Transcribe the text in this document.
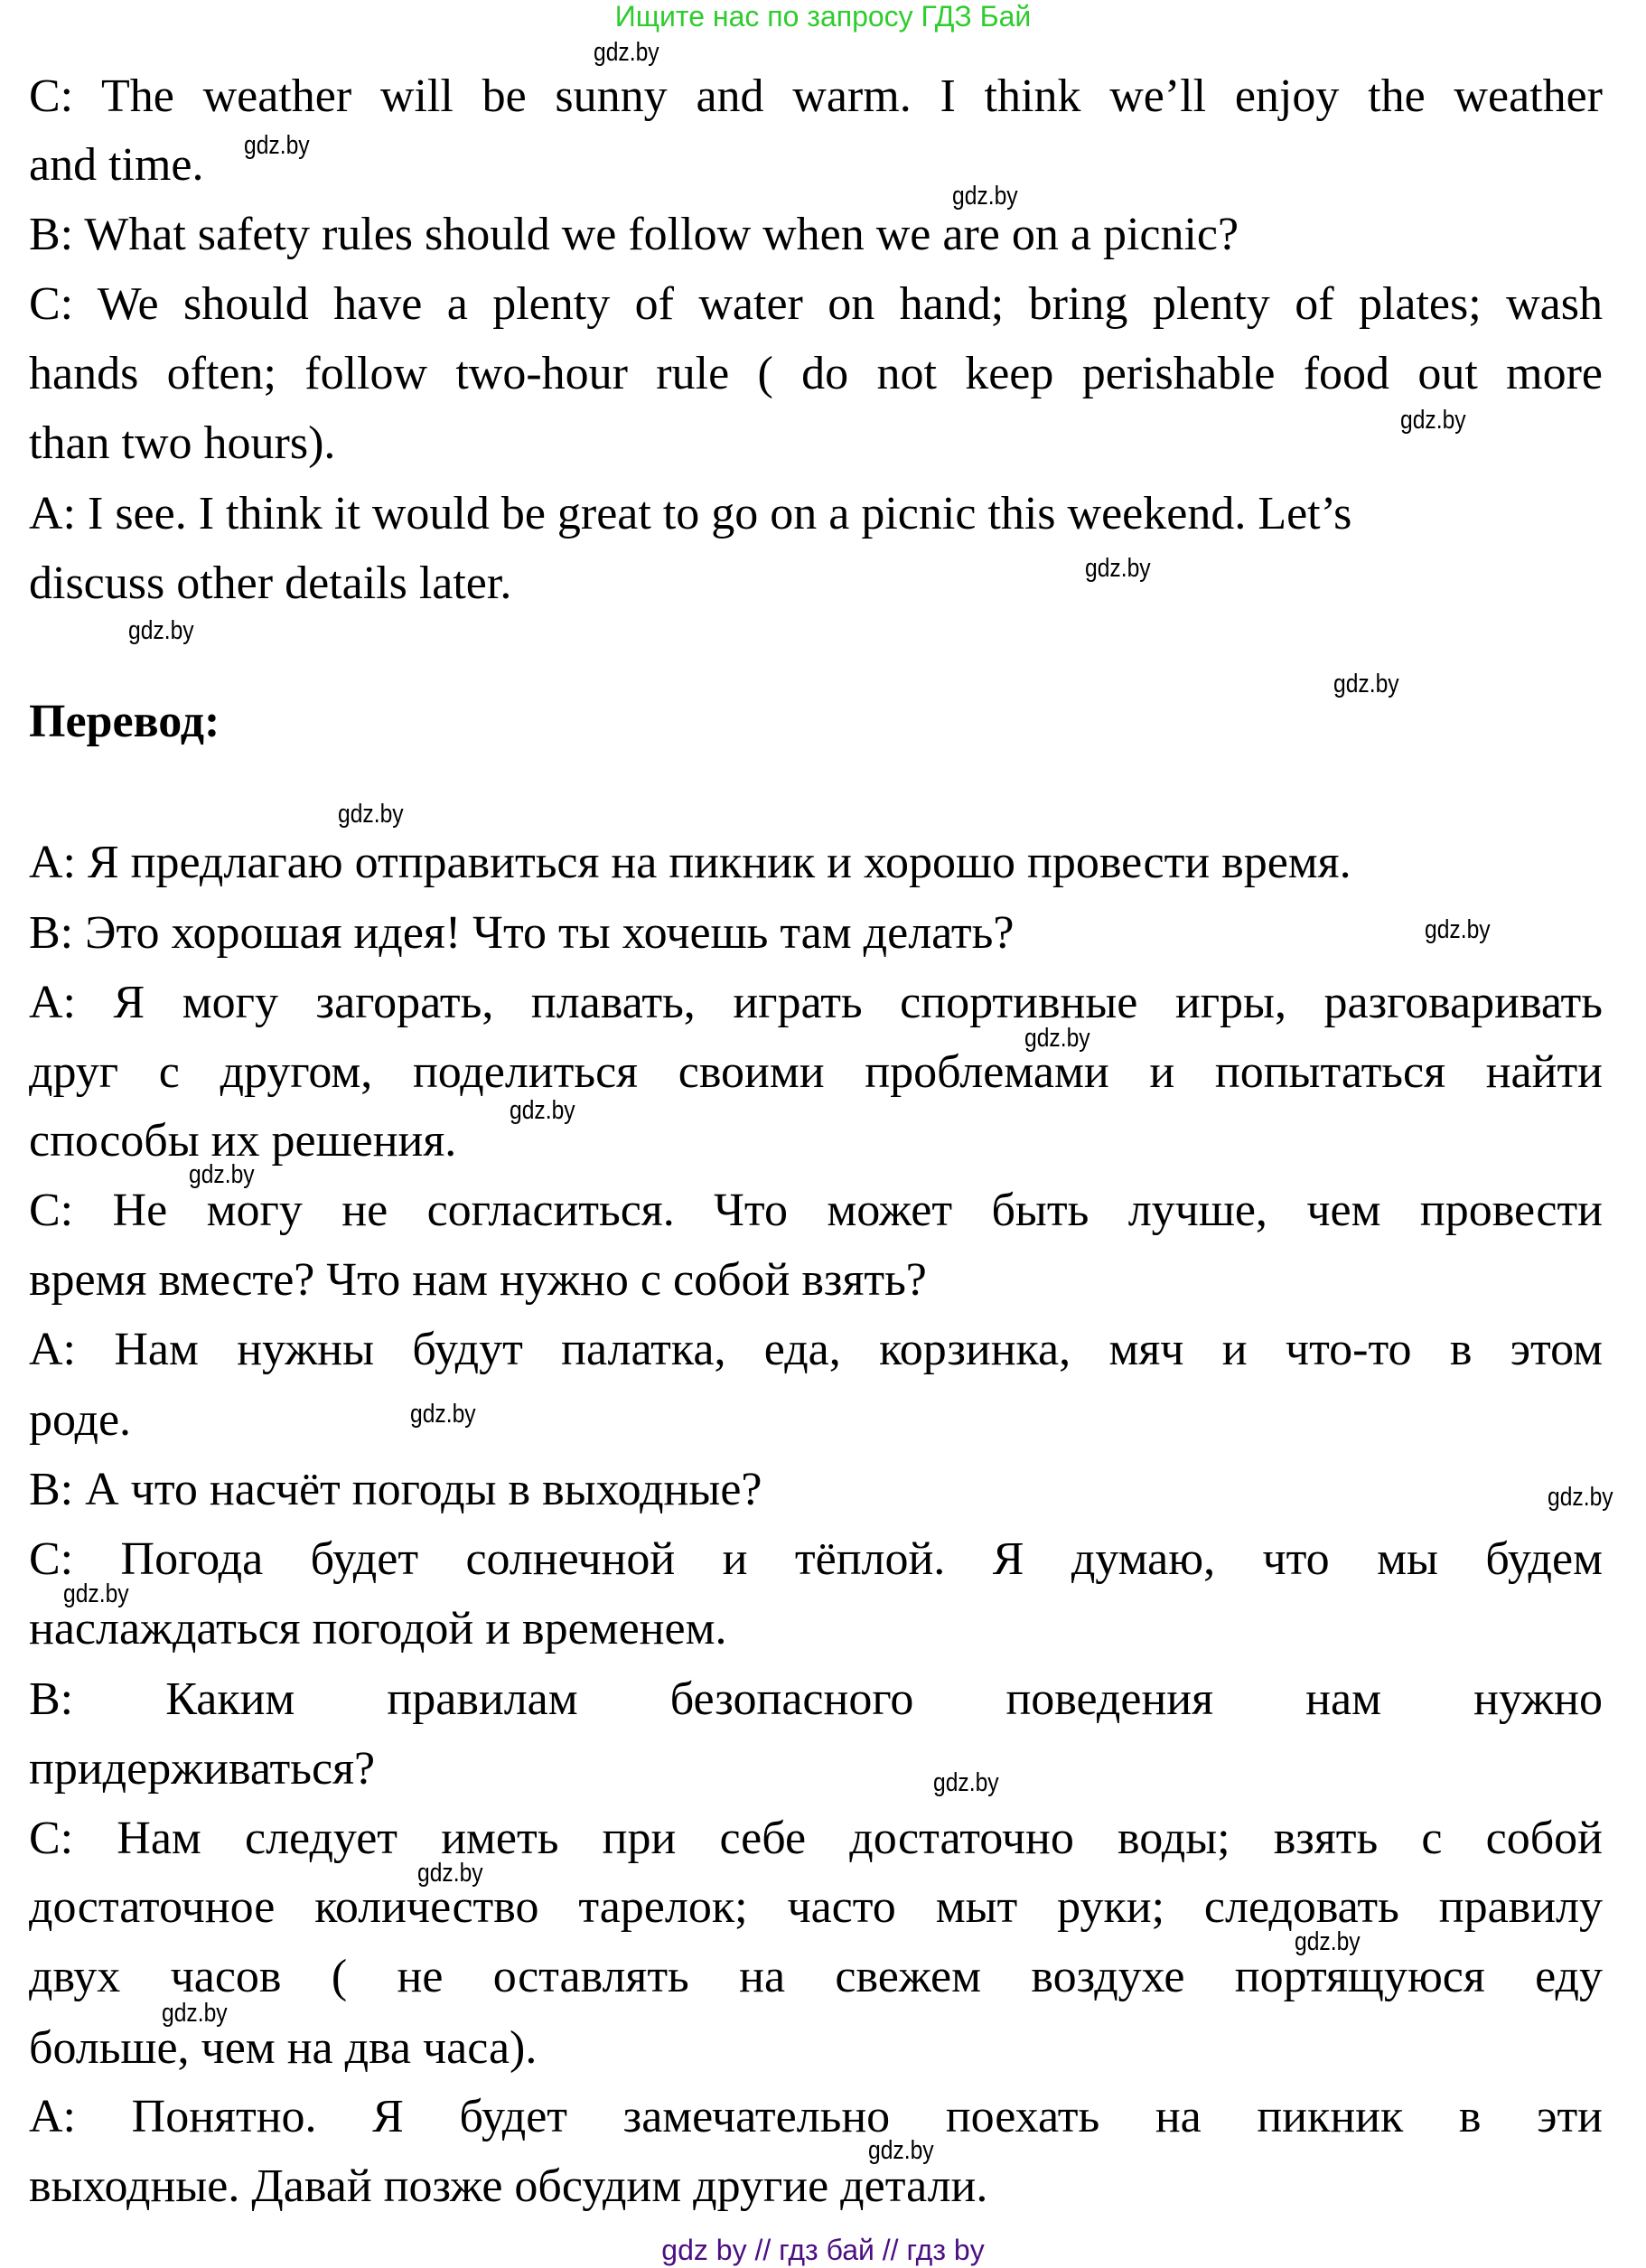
Ищите нас по запросу ГДЗ Бай
C: The weather will be sunny and warm. I think we’ll enjoy the weather
and time.
B: What safety rules should we follow when we are on a picnic?
C: We should have a plenty of water on hand; bring plenty of plates; wash
hands often; follow two-hour rule ( do not keep perishable food out more
than two hours).
A: I see. I think it would be great to go on a picnic this weekend. Let’s
discuss other details later.
Перевод:
А: Я предлагаю отправиться на пикник и хорошо провести время.
В: Это хорошая идея! Что ты хочешь там делать?
А: Я могу загорать, плавать, играть спортивные игры, разговаривать
друг с другом, поделиться своими проблемами и попытаться найти
способы их решения.
С: Не могу не согласиться. Что может быть лучше, чем провести
время вместе? Что нам нужно с собой взять?
А: Нам нужны будут палатка, еда, корзинка, мяч и что-то в этом
роде.
В: А что насчёт погоды в выходные?
С: Погода будет солнечной и тёплой. Я думаю, что мы будем
наслаждаться погодой и временем.
В: Каким правилам безопасного поведения нам нужно
придерживаться?
С: Нам следует иметь при себе достаточно воды; взять с собой
достаточное количество тарелок; часто мыт руки; следовать правилу
двух часов ( не оставлять на свежем воздухе портящуюся еду
больше, чем на два часа).
А: Понятно. Я будет замечательно поехать на пикник в эти
выходные. Давай позже обсудим другие детали.
gdz.by
gdz.by
gdz.by
gdz.by
gdz.by
gdz.by
gdz.by
gdz.by
gdz.by
gdz.by
gdz.by
gdz.by
gdz.by
gdz.by
gdz.by
gdz.by
gdz.by
gdz.by
gdz.by
gdz.by
gdz by // гдз бай // гдз by
